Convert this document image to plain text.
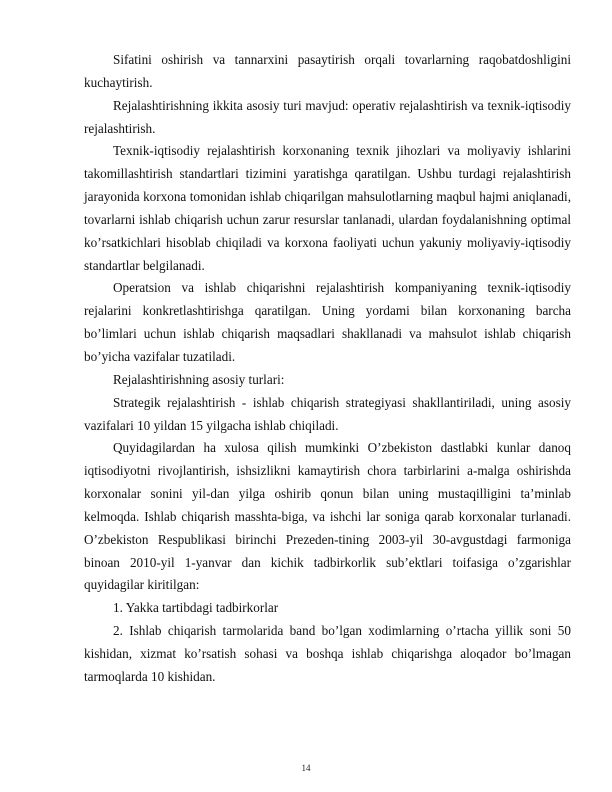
Sifatini oshirish va tannarxini pasaytirish orqali tovarlarning raqobatdoshligini kuchaytirish.

Rejalashtirishning ikkita asosiy turi mavjud: operativ rejalashtirish va texnik-iqtisodiy rejalashtirish.

Texnik-iqtisodiy rejalashtirish korxonaning texnik jihozlari va moliyaviy ishlarini takomillashtirish standartlari tizimini yaratishga qaratilgan. Ushbu turdagi rejalashtirish jarayonida korxona tomonidan ishlab chiqarilgan mahsulotlarning maqbul hajmi aniqlanadi, tovarlarni ishlab chiqarish uchun zarur resurslar tanlanadi, ulardan foydalanishning optimal ko’rsatkichlari hisoblab chiqiladi va korxona faoliyati uchun yakuniy moliyaviy-iqtisodiy standartlar belgilanadi.

Operatsion va ishlab chiqarishni rejalashtirish kompaniyaning texnik-iqtisodiy rejalarini konkretlashtirishga qaratilgan. Uning yordami bilan korxonaning barcha bo’limlari uchun ishlab chiqarish maqsadlari shakllanadi va mahsulot ishlab chiqarish bo’yicha vazifalar tuzatiladi.

Rejalashtirishning asosiy turlari:

Strategik rejalashtirish - ishlab chiqarish strategiyasi shakllantiriladi, uning asosiy vazifalari 10 yildan 15 yilgacha ishlab chiqiladi.

Quyidagilardan ha xulosa qilish mumkinki O’zbekiston dastlabki kunlar danoq iqtisodiyotni rivojlantirish, ishsizlikni kamaytirish chora tarbirlarini a-malga oshirishda korxonalar sonini yil-dan yilga oshirib qonun bilan uning mustaqilligini ta’minlab kelmoqda. Ishlab chiqarish masshta-biga, va ishchi lar soniga qarab korxonalar turlanadi. O’zbekiston Respublikasi birinchi Prezeden-tining 2003-yil 30-avgustdagi farmoniga binoan 2010-yil 1-yanvar dan kichik tadbirkorlik sub’ektlari toifasiga o’zgarishlar quyidagilar kiritilgan:

1. Yakka tartibdagi tadbirkorlar

2. Ishlab chiqarish tarmolarida band bo’lgan xodimlarning o’rtacha yillik soni 50 kishidan, xizmat ko’rsatish sohasi va boshqa ishlab chiqarishga aloqador bo’lmagan tarmoqlarda 10 kishidan.

14
